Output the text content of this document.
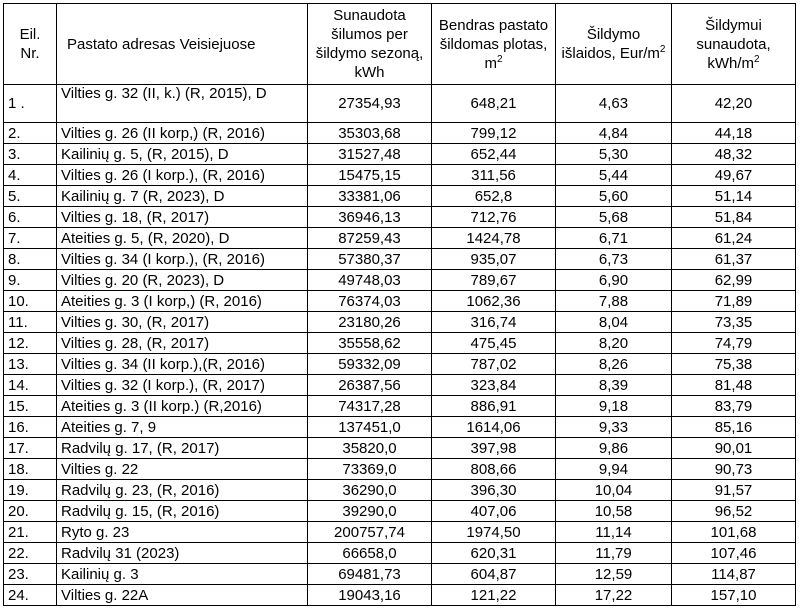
Eil. Nr.	Pastato adresas Veisiejuose	Sunaudota šilumos per šildymo sezoną, kWh	Bendras pastato šildomas plotas, $m^2$	Šildymo išlaidos, Eur/$m^2$	Šildymui sunaudota, kWh/$m^2$
1 .	Vilties g. 32 (II, k.) (R, 2015), D	27354,93	648,21	4,63	42,20
2.	Vilties g. 26 (II korp,) (R, 2016)	35303,68	799,12	4,84	44,18
3.	Kailinių g. 5, (R, 2015), D	31527,48	652,44	5,30	48,32
4.	Vilties g. 26 (I korp.), (R, 2016)	15475,15	311,56	5,44	49,67
5.	Kailinių g. 7 (R, 2023), D	33381,06	652,8	5,60	51,14
6.	Vilties g. 18, (R, 2017)	36946,13	712,76	5,68	51,84
7.	Ateities g. 5, (R, 2020), D	87259,43	1424,78	6,71	61,24
8.	Vilties g. 34 (I korp.), (R, 2016)	57380,37	935,07	6,73	61,37
9.	Vilties g. 20 (R, 2023), D	49748,03	789,67	6,90	62,99
10.	Ateities g. 3 (I korp,) (R, 2016)	76374,03	1062,36	7,88	71,89
11.	Vilties g. 30, (R, 2017)	23180,26	316,74	8,04	73,35
12.	Vilties g. 28, (R, 2017)	35558,62	475,45	8,20	74,79
13.	Vilties g. 34 (II korp.),(R, 2016)	59332,09	787,02	8,26	75,38
14.	Vilties g. 32 (I korp.), (R, 2017)	26387,56	323,84	8,39	81,48
15.	Ateities g. 3 (II korp.) (R,2016)	74317,28	886,91	9,18	83,79
16.	Ateities g. 7, 9	137451,0	1614,06	9,33	85,16
17.	Radvilų g. 17, (R, 2017)	35820,0	397,98	9,86	90,01
18.	Vilties g. 22	73369,0	808,66	9,94	90,73
19.	Radvilų g. 23, (R, 2016)	36290,0	396,30	10,04	91,57
20.	Radvilų g. 15, (R, 2016)	39290,0	407,06	10,58	96,52
21.	Ryto g. 23	200757,74	1974,50	11,14	101,68
22.	Radvilų 31 (2023)	66658,0	620,31	11,79	107,46
23.	Kailinių g. 3	69481,73	604,87	12,59	114,87
24.	Vilties g. 22A	19043,16	121,22	17,22	157,10
